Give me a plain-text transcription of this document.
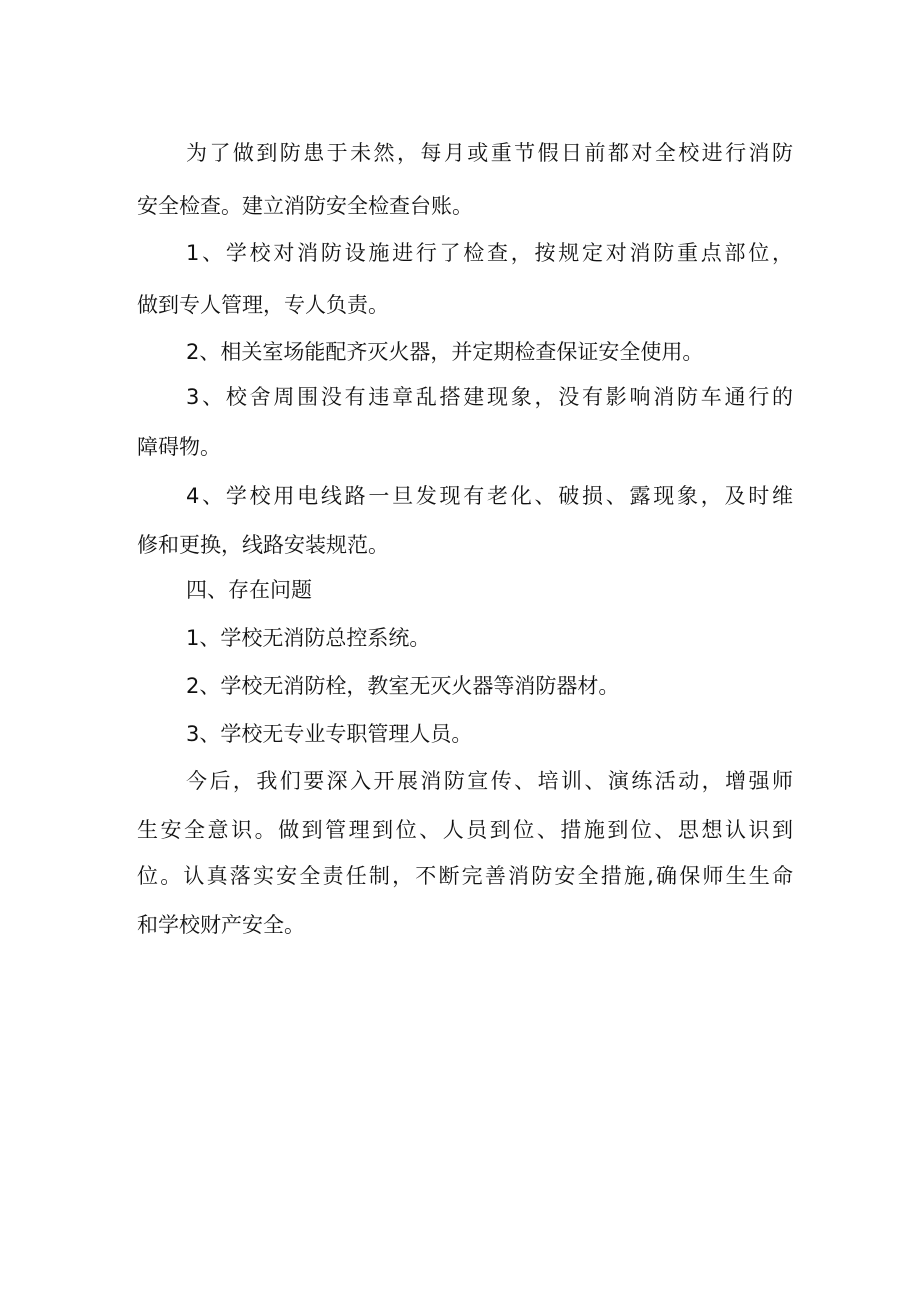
为了做到防患于未然，每月或重节假日前都对全校进行消防
安全检查。建立消防安全检查台账。
1、学校对消防设施进行了检查，按规定对消防重点部位，
做到专人管理，专人负责。
2、相关室场能配齐灭火器，并定期检查保证安全使用。
3、校舍周围没有违章乱搭建现象，没有影响消防车通行的
障碍物。
4、学校用电线路一旦发现有老化、破损、露现象，及时维
修和更换，线路安装规范。
四、存在问题
1、学校无消防总控系统。
2、学校无消防栓，教室无灭火器等消防器材。
3、学校无专业专职管理人员。
今后，我们要深入开展消防宣传、培训、演练活动，增强师
生安全意识。做到管理到位、人员到位、措施到位、思想认识到
位。认真落实安全责任制，不断完善消防安全措施,确保师生生命
和学校财产安全。
